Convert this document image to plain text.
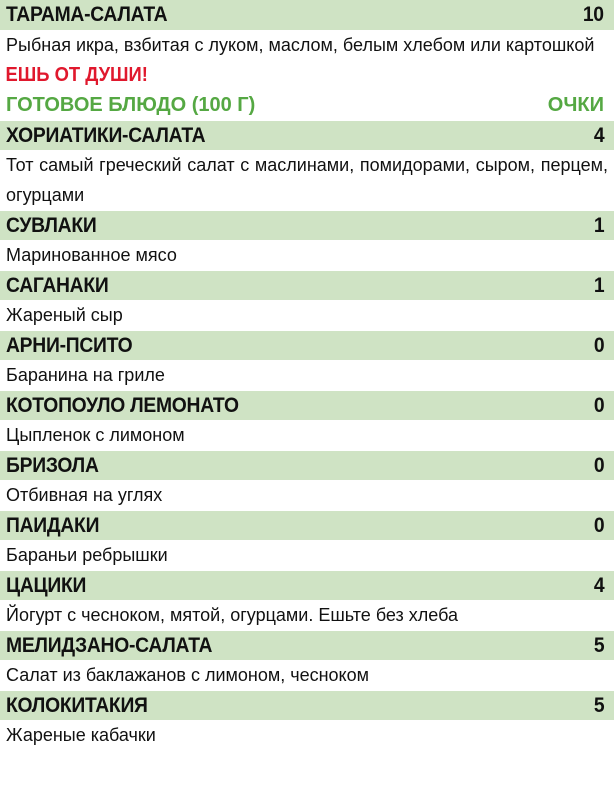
ТАРАМА-САЛАТА	10
Рыбная икра, взбитая с луком, маслом, белым хлебом или картошкой
ЕШЬ ОТ ДУШИ!
ГОТОВОЕ БЛЮДО (100 Г)	ОЧКИ
ХОРИАТИКИ-САЛАТА	4
Тот самый греческий салат с маслинами, помидорами, сыром, перцем, огурцами
СУВЛАКИ	1
Маринованное мясо
САГАНАКИ	1
Жареный сыр
АРНИ-ПСИТО	0
Баранина на гриле
КОТОПОУЛО ЛЕМОНАТО	0
Цыпленок с лимоном
БРИЗОЛА	0
Отбивная на углях
ПАИДАКИ	0
Бараньи ребрышки
ЦАЦИКИ	4
Йогурт с чесноком, мятой, огурцами. Ешьте без хлеба
МЕЛИДЗАНО-САЛАТА	5
Салат из баклажанов с лимоном, чесноком
КОЛОКИТАКИЯ	5
Жареные кабачки
